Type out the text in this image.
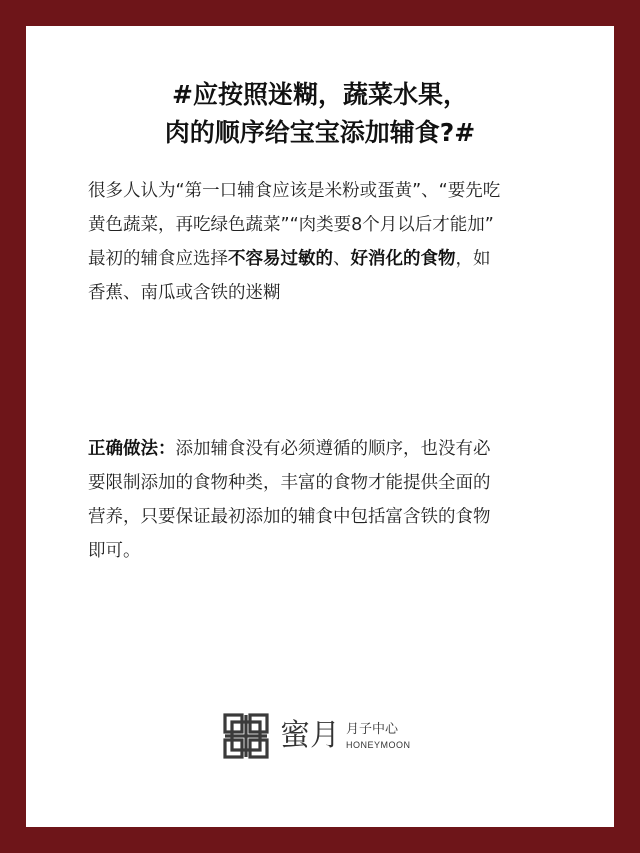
#应按照迷糊，蔬菜水果，
肉的顺序给宝宝添加辅食?#
很多人认为“第一口辅食应该是米粉或蛋黄”、“要先吃
黄色蔬菜，再吃绿色蔬菜”“肉类要8个月以后才能加”
最初的辅食应选择不容易过敏的、好消化的食物，如
香蕉、南瓜或含铁的迷糊
正确做法：添加辅食没有必须遵循的顺序，也没有必
要限制添加的食物种类，丰富的食物才能提供全面的
营养，只要保证最初添加的辅食中包括富含铁的食物
即可。
蜜月 月子中心
HONEYMOON
